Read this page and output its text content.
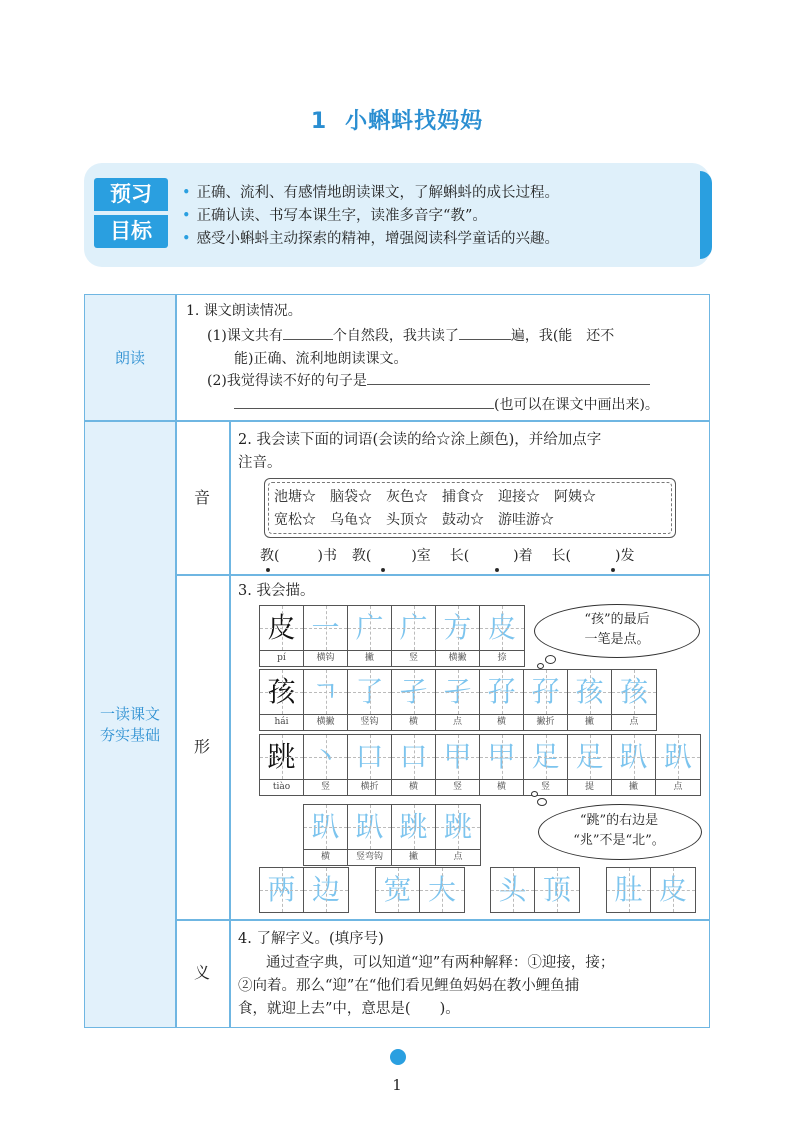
1 小蝌蚪找妈妈
预习
目标
• 正确、流利、有感情地朗读课文，了解蝌蚪的成长过程。
• 正确认读、书写本课生字，读准多音字“教”。
• 感受小蝌蚪主动探索的精神，增强阅读科学童话的兴趣。
朗读
一读课文
夯实基础
音
形
义
1. 课文朗读情况。
(1)课文共有	个自然段，我共读了	遍，我(能　还不
能)正确、流利地朗读课文。
(2)我觉得读不好的句子是
(也可以在课文中画出来)。
2. 我会读下面的词语(会读的给☆涂上颜色)，并给加点字
注音。
池塘☆　脑袋☆　灰色☆　捕食☆　迎接☆　阿姨☆
宽松☆　乌龟☆　头顶☆　鼓动☆　游哇游☆
教(	)书 教(	)室 长(	)着 长(	)发
3. 我会描。
皮 一 广 广 方 皮
pí	横钩	撇	竖	横撇	捺
“孩”的最后
一笔是点。
孩 ㄱ 了 孑 孑 孖 孖 孩 孩
hái	横撇	竖钩	横	点	横	撇折	撇	点
跳 丶 口 口 甲 甲 足 足 趴 趴
tiào	竖	横折	横	竖	横	竖	提	撇	点
趴 趴 跳 跳
横	竖弯钩	撇	点
“跳”的右边是
“兆”不是“北”。
两 边 宽 大 头 顶 肚 皮
4. 了解字义。(填序号)
通过查字典，可以知道“迎”有两种解释：①迎接，接；
②向着。那么“迎”在“他们看见鲤鱼妈妈在教小鲤鱼捕
食，就迎上去”中，意思是(　　)。
1
